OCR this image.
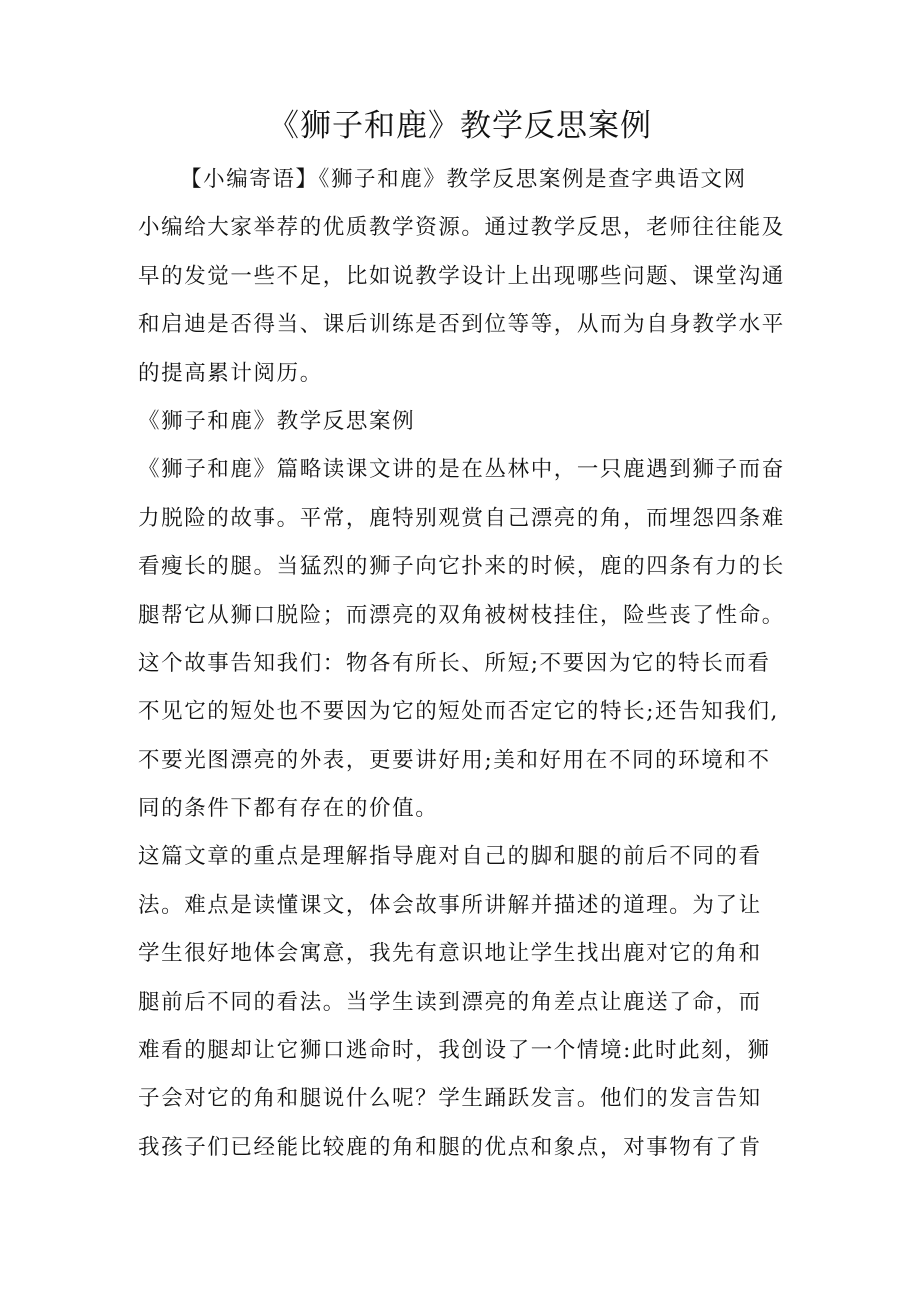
《狮子和鹿》教学反思案例
【小编寄语】《狮子和鹿》教学反思案例是查字典语文网
小编给大家举荐的优质教学资源。通过教学反思，老师往往能及
早的发觉一些不足，比如说教学设计上出现哪些问题、课堂沟通
和启迪是否得当、课后训练是否到位等等，从而为自身教学水平
的提高累计阅历。
《狮子和鹿》教学反思案例
《狮子和鹿》篇略读课文讲的是在丛林中，一只鹿遇到狮子而奋
力脱险的故事。平常，鹿特别观赏自己漂亮的角，而埋怨四条难
看瘦长的腿。当猛烈的狮子向它扑来的时候，鹿的四条有力的长
腿帮它从狮口脱险；而漂亮的双角被树枝挂住，险些丧了性命。
这个故事告知我们：物各有所长、所短;不要因为它的特长而看
不见它的短处也不要因为它的短处而否定它的特长;还告知我们,
不要光图漂亮的外表，更要讲好用;美和好用在不同的环境和不
同的条件下都有存在的价值。
这篇文章的重点是理解指导鹿对自己的脚和腿的前后不同的看
法。难点是读懂课文，体会故事所讲解并描述的道理。为了让
学生很好地体会寓意，我先有意识地让学生找出鹿对它的角和
腿前后不同的看法。当学生读到漂亮的角差点让鹿送了命，而
难看的腿却让它狮口逃命时，我创设了一个情境:此时此刻，狮
子会对它的角和腿说什么呢？学生踊跃发言。他们的发言告知
我孩子们已经能比较鹿的角和腿的优点和象点，对事物有了肯
